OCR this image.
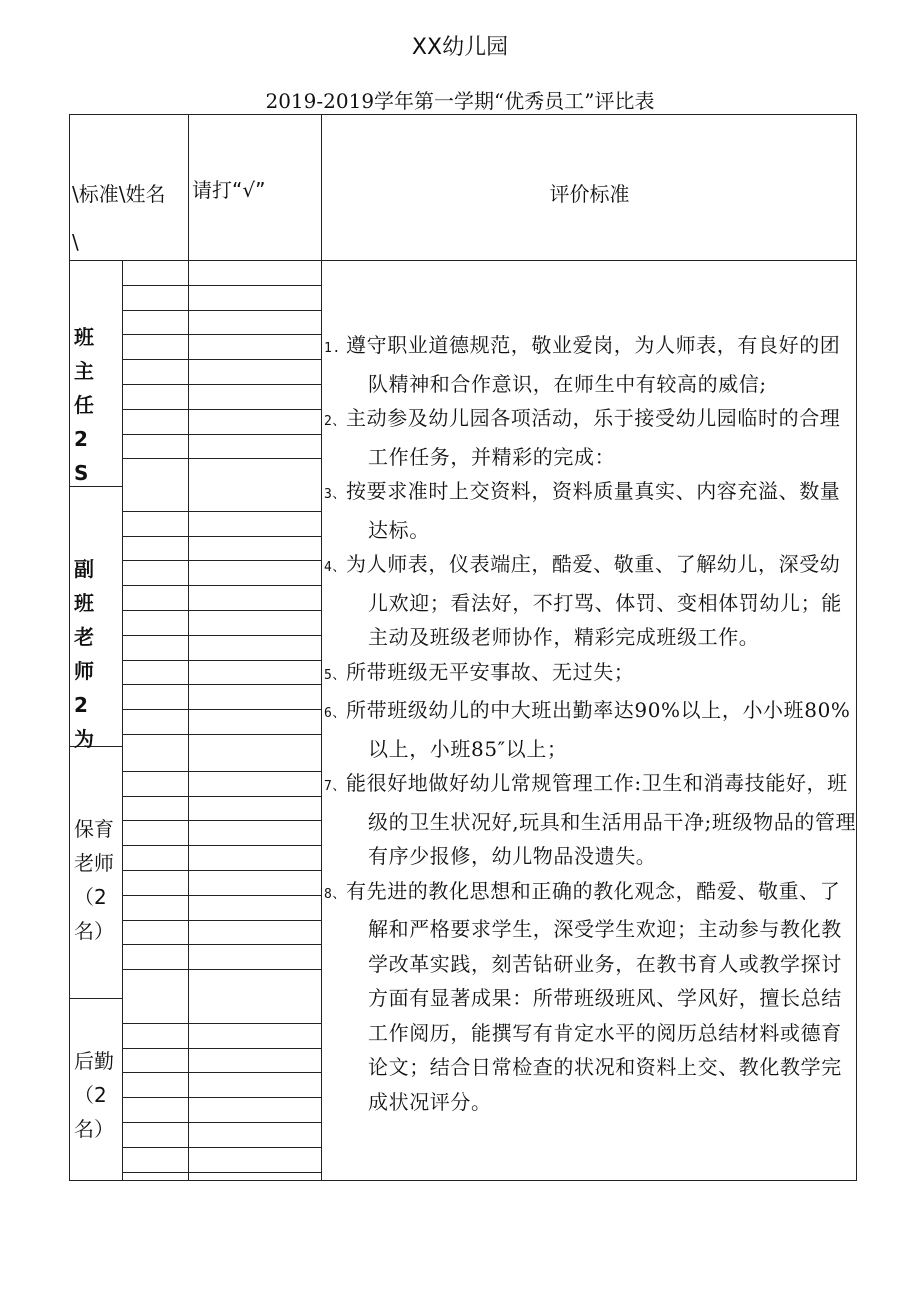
XX幼儿园
2019-2019学年第一学期“优秀员工”评比表
\标准\姓名
\
请打“√”	评价标准
班主任2S
副班老师2为
保育老师（2名）
后勤（2名）

1. 遵守职业道德规范，敬业爱岗，为人师表，有良好的团队精神和合作意识，在师生中有较高的威信;

2、主动参及幼儿园各项活动，乐于接受幼儿园临时的合理工作任务，并精彩的完成：

3、按要求准时上交资料，资料质量真实、内容充溢、数量达标。

4、为人师表，仪表端庄，酷爱、敬重、了解幼儿，深受幼儿欢迎；看法好，不打骂、体罚、变相体罚幼儿；能主动及班级老师协作，精彩完成班级工作。

5、所带班级无平安事故、无过失；

6、所带班级幼儿的中大班出勤率达90%以上，小小班80%以上，小班85″以上；

7、能很好地做好幼儿常规管理工作:卫生和消毒技能好，班级的卫生状况好,玩具和生活用品干净;班级物品的管理有序少报修，幼儿物品没遗失。

8、有先进的教化思想和正确的教化观念，酷爱、敬重、了解和严格要求学生，深受学生欢迎；主动参与教化教学改革实践，刻苦钻研业务，在教书育人或教学探讨方面有显著成果：所带班级班风、学风好，擅长总结工作阅历，能撰写有肯定水平的阅历总结材料或德育论文；结合日常检查的状况和资料上交、教化教学完成状况评分。
